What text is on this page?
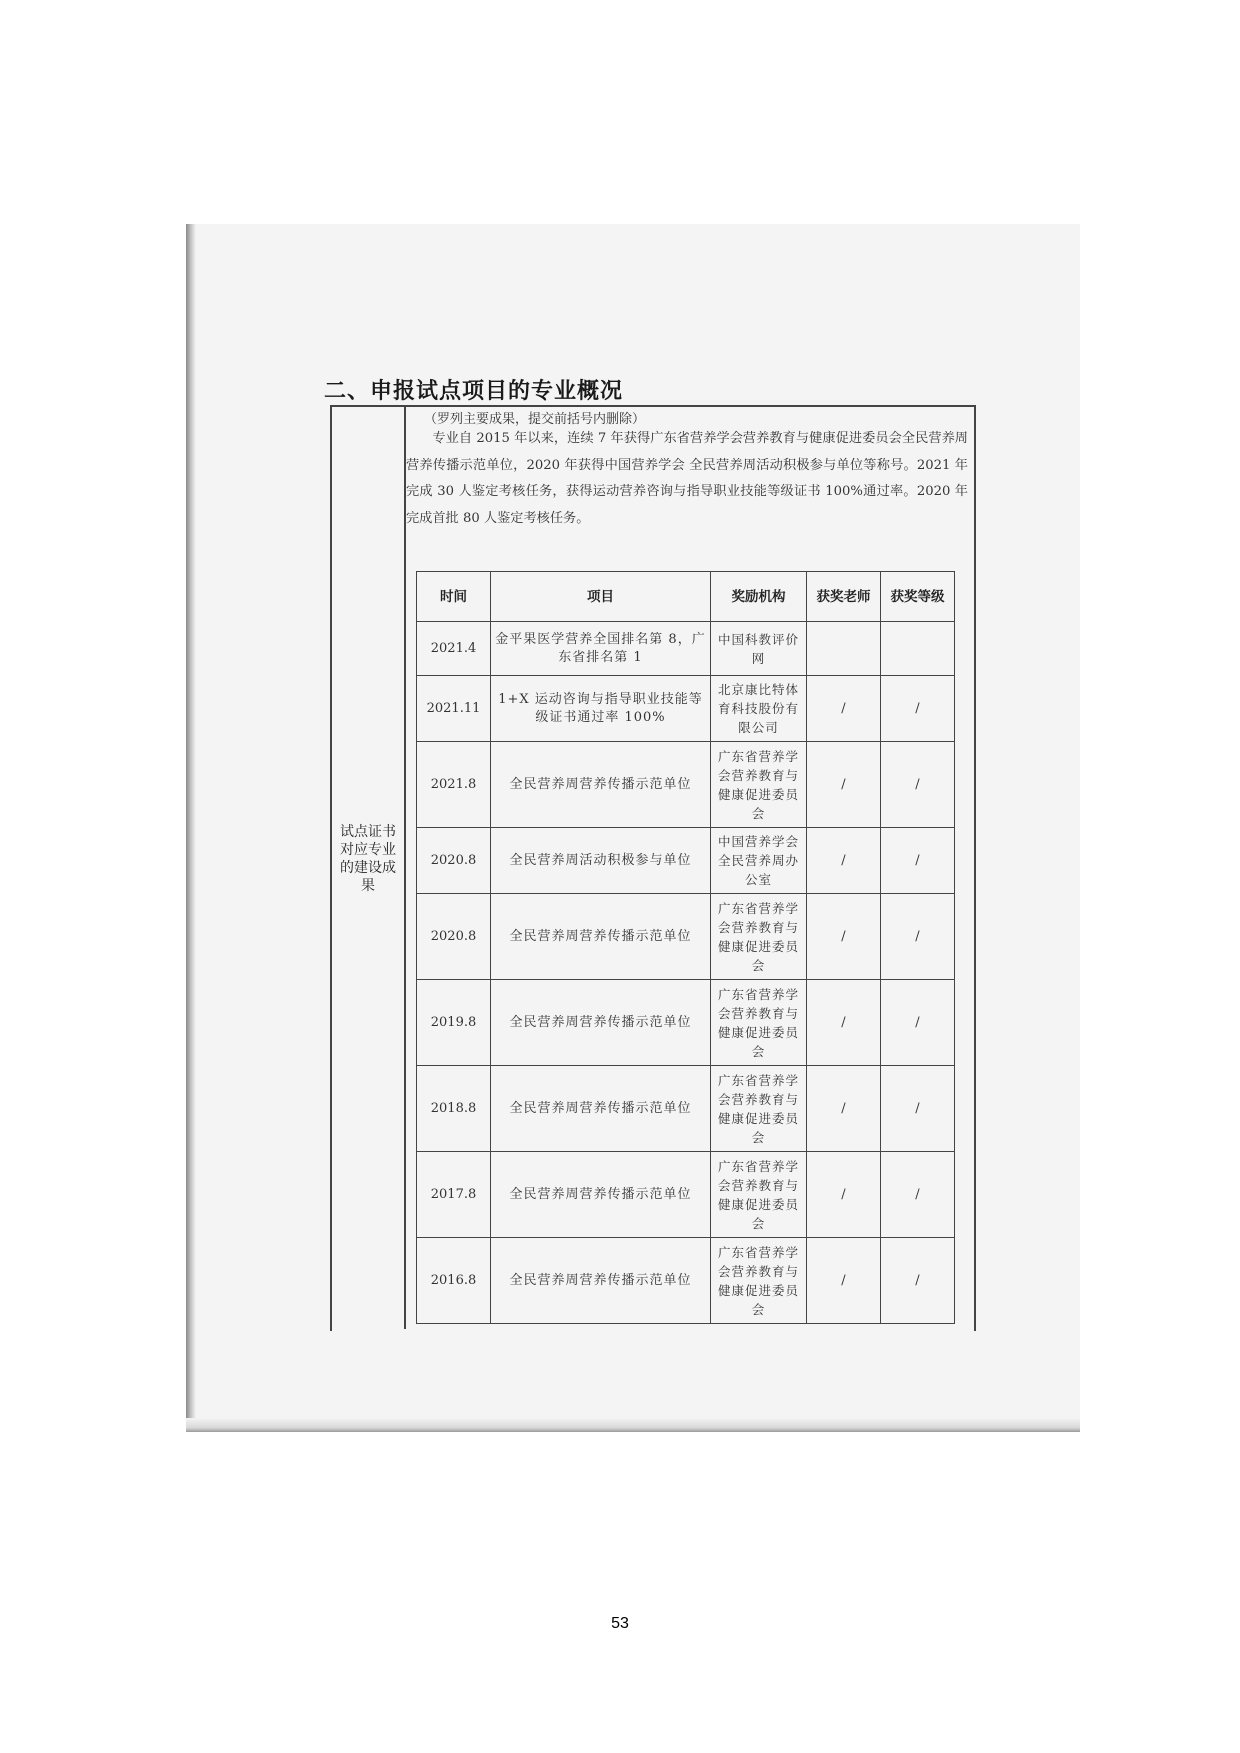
二、申报试点项目的专业概况
试点证书对应专业的建设成果
（罗列主要成果，提交前括号内删除）

专业自 2015 年以来，连续 7 年获得广东省营养学会营养教育与健康促进委员会全民营养周营养传播示范单位，2020 年获得中国营养学会 全民营养周活动积极参与单位等称号。2021 年完成 30 人鉴定考核任务，获得运动营养咨询与指导职业技能等级证书 100%通过率。2020 年完成首批 80 人鉴定考核任务。

时间	项目	奖励机构	获奖老师	获奖等级
2021.4	金平果医学营养全国排名第 8，广东省排名第 1	中国科教评价网		
2021.11	1+X 运动咨询与指导职业技能等级证书通过率 100%	北京康比特体育科技股份有限公司	/	/
2021.8	全民营养周营养传播示范单位	广东省营养学会营养教育与健康促进委员会	/	/
2020.8	全民营养周活动积极参与单位	中国营养学会全民营养周办公室	/	/
2020.8	全民营养周营养传播示范单位	广东省营养学会营养教育与健康促进委员会	/	/
2019.8	全民营养周营养传播示范单位	广东省营养学会营养教育与健康促进委员会	/	/
2018.8	全民营养周营养传播示范单位	广东省营养学会营养教育与健康促进委员会	/	/
2017.8	全民营养周营养传播示范单位	广东省营养学会营养教育与健康促进委员会	/	/
2016.8	全民营养周营养传播示范单位	广东省营养学会营养教育与健康促进委员会	/	/
53
